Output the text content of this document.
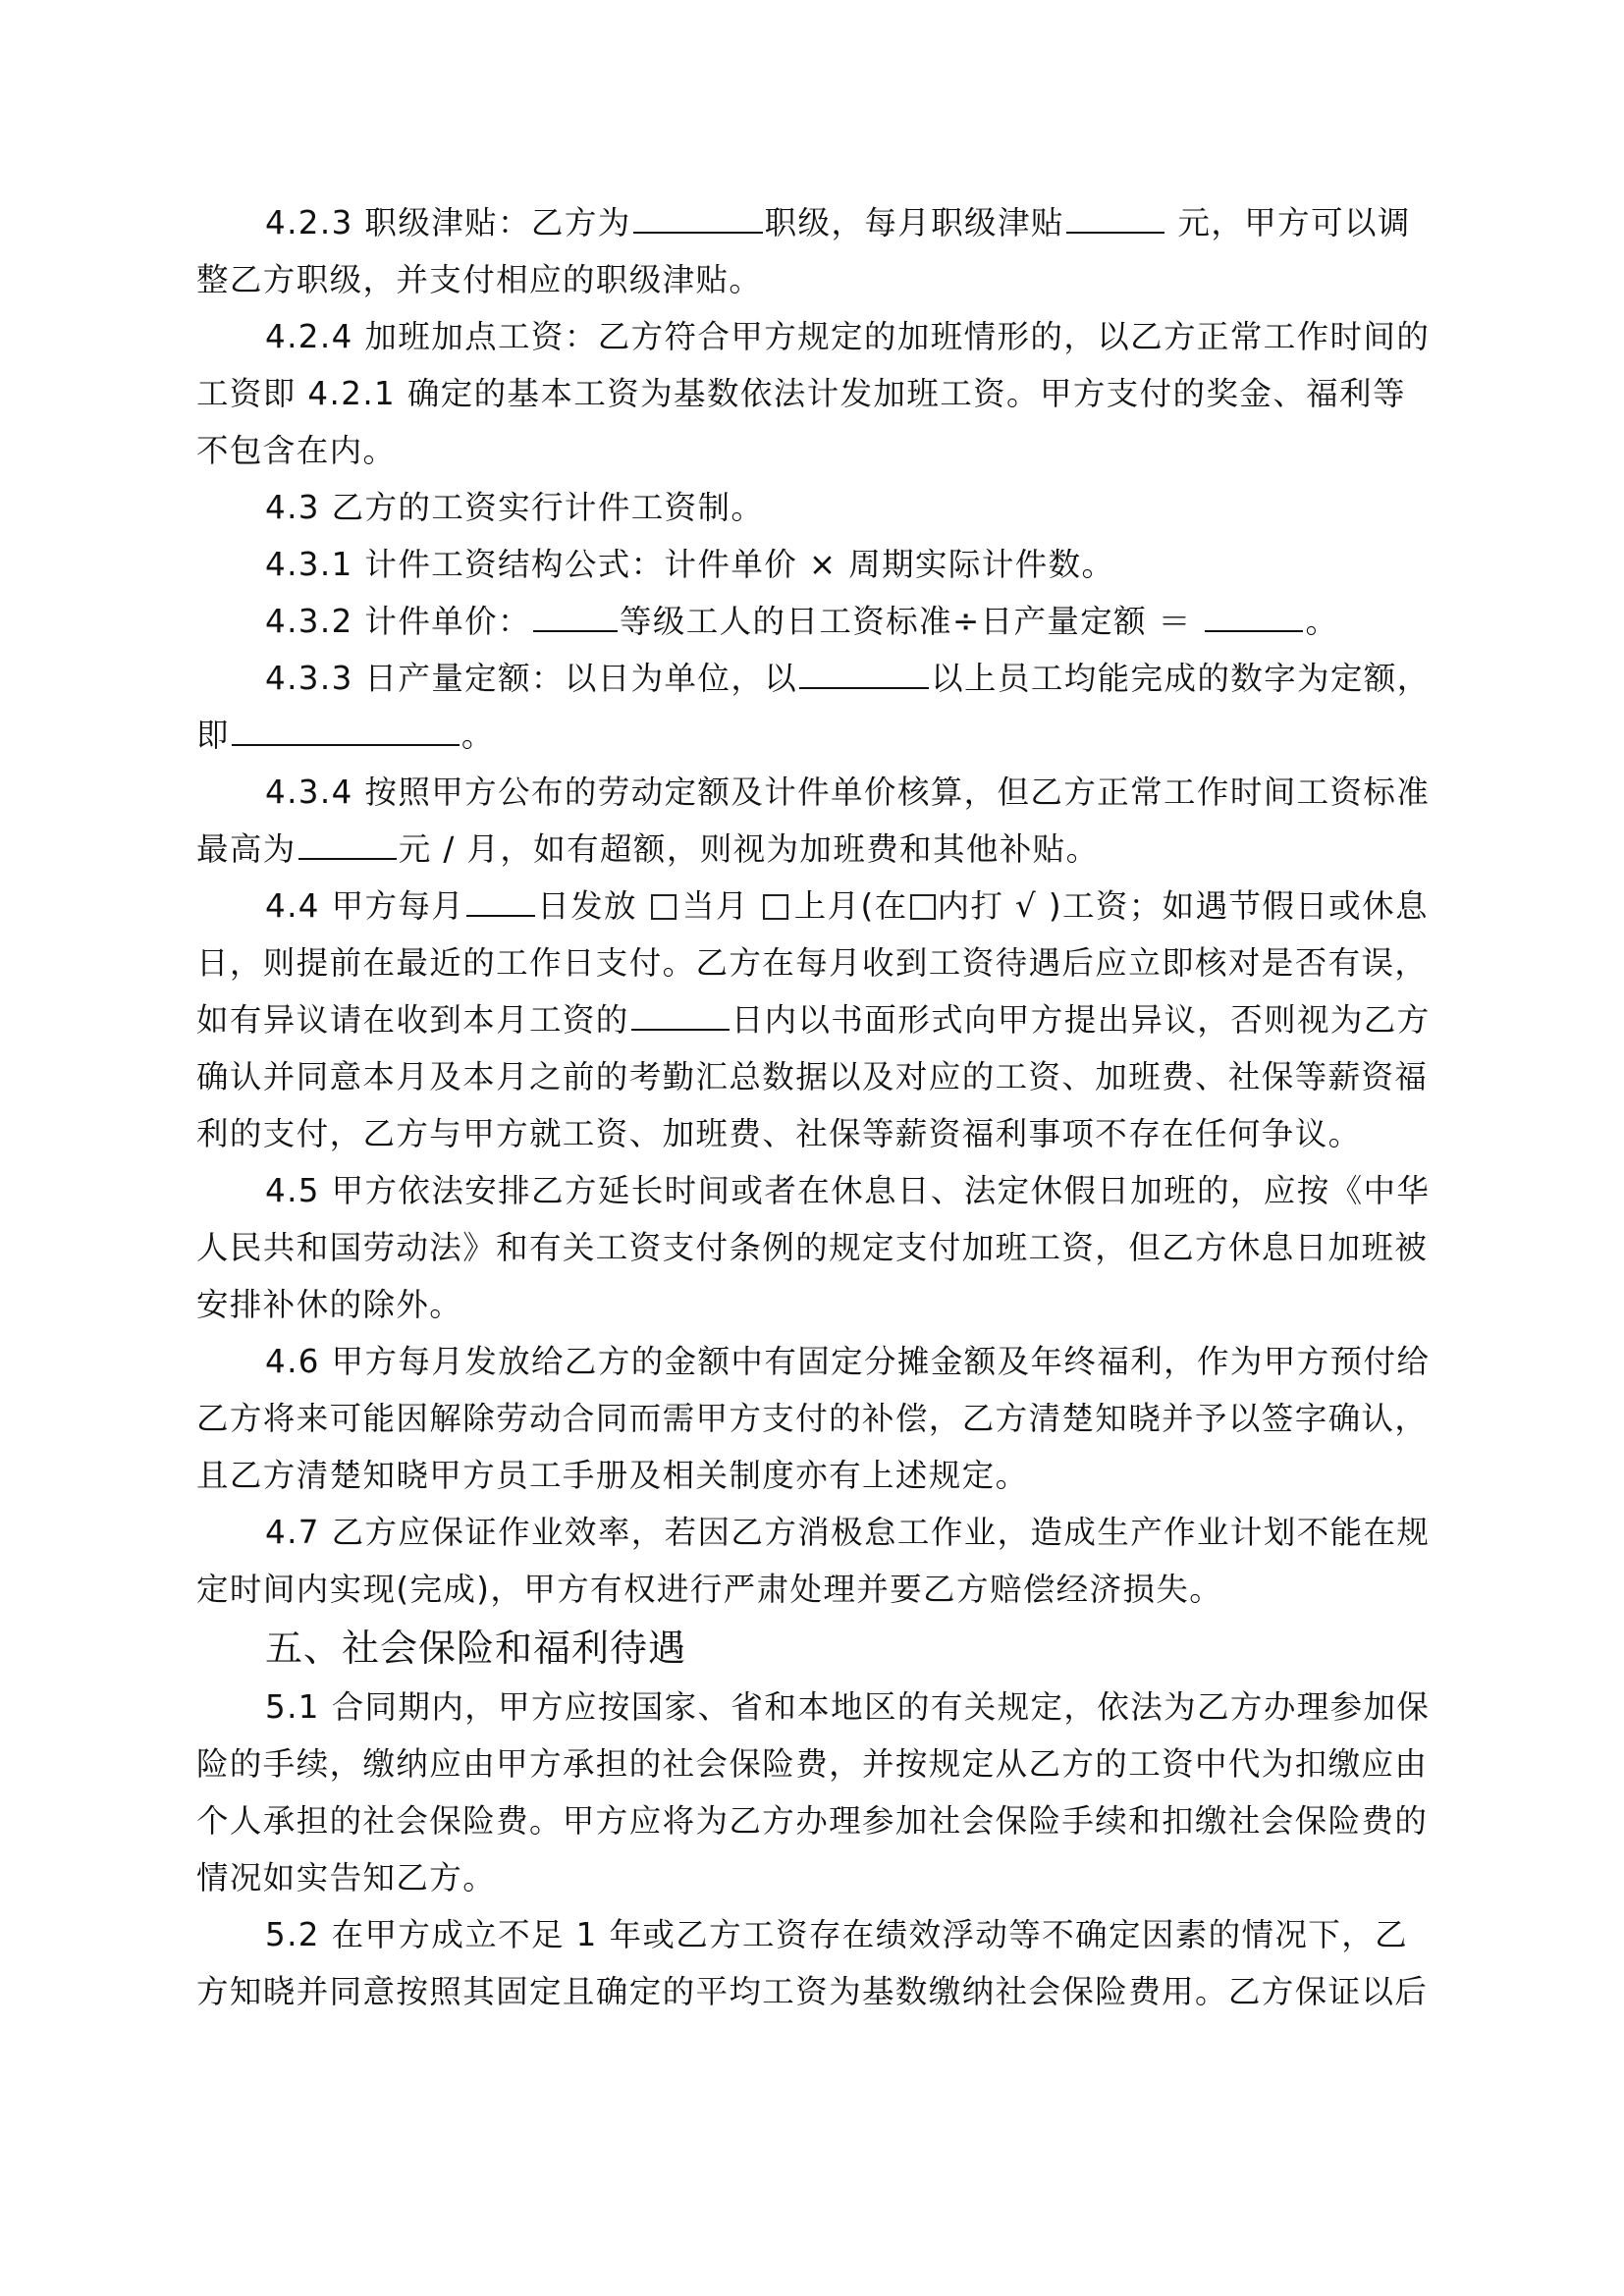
4.2.3 职级津贴：乙方为	职级，每月职级津贴	元，甲方可以调整乙方职级，并支付相应的职级津贴。

4.2.4 加班加点工资：乙方符合甲方规定的加班情形的，以乙方正常工作时间的工资即 4.2.1 确定的基本工资为基数依法计发加班工资。甲方支付的奖金、福利等不包含在内。

4.3 乙方的工资实行计件工资制。

4.3.1 计件工资结构公式：计件单价 × 周期实际计件数。

4.3.2 计件单价：	等级工人的日工资标准÷日产量定额 ＝	。

4.3.3 日产量定额：以日为单位，以	以上员工均能完成的数字为定额，即	。

4.3.4 按照甲方公布的劳动定额及计件单价核算，但乙方正常工作时间工资标准最高为	元 / 月，如有超额，则视为加班费和其他补贴。

4.4 甲方每月 日发放 当月 上月(在 内打 √ )工资；如遇节假日或休息日，则提前在最近的工作日支付。乙方在每月收到工资待遇后应立即核对是否有误，如有异议请在收到本月工资的	日内以书面形式向甲方提出异议，否则视为乙方确认并同意本月及本月之前的考勤汇总数据以及对应的工资、加班费、社保等薪资福利的支付，乙方与甲方就工资、加班费、社保等薪资福利事项不存在任何争议。

4.5 甲方依法安排乙方延长时间或者在休息日、法定休假日加班的，应按《中华人民共和国劳动法》和有关工资支付条例的规定支付加班工资，但乙方休息日加班被安排补休的除外。

4.6 甲方每月发放给乙方的金额中有固定分摊金额及年终福利，作为甲方预付给乙方将来可能因解除劳动合同而需甲方支付的补偿，乙方清楚知晓并予以签字确认，且乙方清楚知晓甲方员工手册及相关制度亦有上述规定。

4.7 乙方应保证作业效率，若因乙方消极怠工作业，造成生产作业计划不能在规定时间内实现(完成)，甲方有权进行严肃处理并要乙方赔偿经济损失。

五、社会保险和福利待遇

5.1 合同期内，甲方应按国家、省和本地区的有关规定，依法为乙方办理参加保险的手续，缴纳应由甲方承担的社会保险费，并按规定从乙方的工资中代为扣缴应由个人承担的社会保险费。甲方应将为乙方办理参加社会保险手续和扣缴社会保险费的情况如实告知乙方。

5.2 在甲方成立不足 1 年或乙方工资存在绩效浮动等不确定因素的情况下，乙方知晓并同意按照其固定且确定的平均工资为基数缴纳社会保险费用。乙方保证以后
